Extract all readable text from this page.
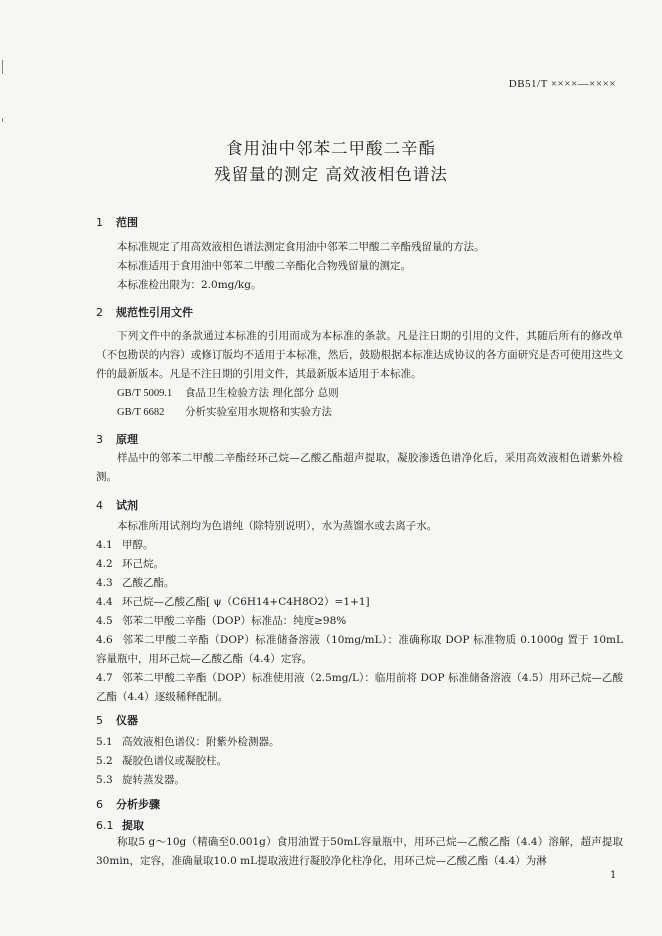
DB51/T ××××—××××
食用油中邻苯二甲酸二辛酯
残留量的测定 高效液相色谱法
1 范围
本标准规定了用高效液相色谱法测定食用油中邻苯二甲酸二辛酯残留量的方法。
本标准适用于食用油中邻苯二甲酸二辛酯化合物残留量的测定。
本标准检出限为：2.0mg/kg。
2 规范性引用文件
下列文件中的条款通过本标准的引用而成为本标准的条款。凡是注日期的引用的文件，其随后所有的修改单（不包勘误的内容）或修订版均不适用于本标准，然后，鼓励根据本标准达成协议的各方面研究是否可使用这些文件的最新版本。凡是不注日期的引用文件，其最新版本适用于本标准。
GB/T 5009.1 食品卫生检验方法 理化部分 总则
GB/T 6682 分析实验室用水规格和实验方法
3 原理
样品中的邻苯二甲酸二辛酯经环己烷—乙酸乙酯超声提取，凝胶渗透色谱净化后，采用高效液相色谱紫外检测。
4 试剂
本标准所用试剂均为色谱纯（除特别说明），水为蒸馏水或去离子水。
4.1 甲醇。
4.2 环己烷。
4.3 乙酸乙酯。
4.4 环己烷—乙酸乙酯[ ψ（C6H14+C4H8O2）=1+1]
4.5 邻苯二甲酸二辛酯（DOP）标准品：纯度≥98%
4.6 邻苯二甲酸二辛酯（DOP）标准储备溶液（10mg/mL）：准确称取 DOP 标准物质 0.1000g 置于 10mL 容量瓶中，用环己烷—乙酸乙酯（4.4）定容。
4.7 邻苯二甲酸二辛酯（DOP）标准使用液（2.5mg/L）：临用前将 DOP 标准储备溶液（4.5）用环己烷—乙酸乙酯（4.4）逐级稀释配制。
5 仪器
5.1 高效液相色谱仪：附紫外检测器。
5.2 凝胶色谱仪或凝胶柱。
5.3 旋转蒸发器。
6 分析步骤
6.1 提取
称取5 g～10g（精确至0.001g）食用油置于50mL容量瓶中，用环己烷—乙酸乙酯（4.4）溶解，超声提取30min，定容，准确量取10.0 mL提取液进行凝胶净化柱净化，用环己烷—乙酸乙酯（4.4）为淋
1
